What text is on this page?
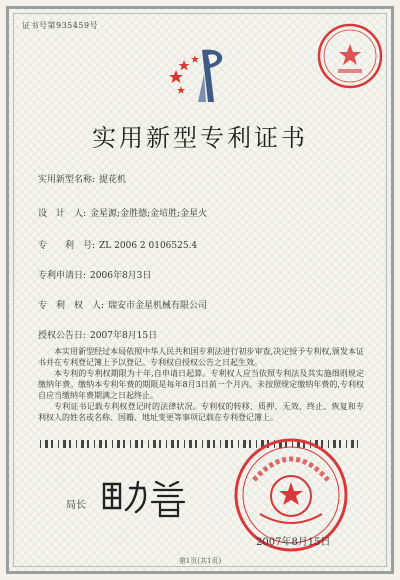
证书号第935459号
实用新型专利证书
实用新型名称: 提花机
设　计　人: 金星源;金胜德;金培胜;金星火
专　　利　号: ZL 2006 2 0106525.4
专利申请日: 2006年8月3日
专　利　权　人: 瑞安市金星机械有限公司
授权公告日: 2007年8月15日

本实用新型经过本局依照中华人民共和国专利法进行初步审查,决定授予专利权,颁发本证书并在专利登记簿上予以登记。专利权自授权公告之日起生效。

本专利的专利权期限为十年,自申请日起算。专利权人应当依照专利法及其实施细则规定缴纳年费。缴纳本专利年费的期限是每年8月3日前一个月内。未按照规定缴纳年费的,专利权自应当缴纳年费期满之日起终止。

专利证书记载专利权登记时的法律状况。专利权的转移、质押、无效、终止、恢复和专利权人的姓名或名称、国籍、地址变更等事项记载在专利登记簿上。

局长
2007年8月15日
第1页(共1页)
